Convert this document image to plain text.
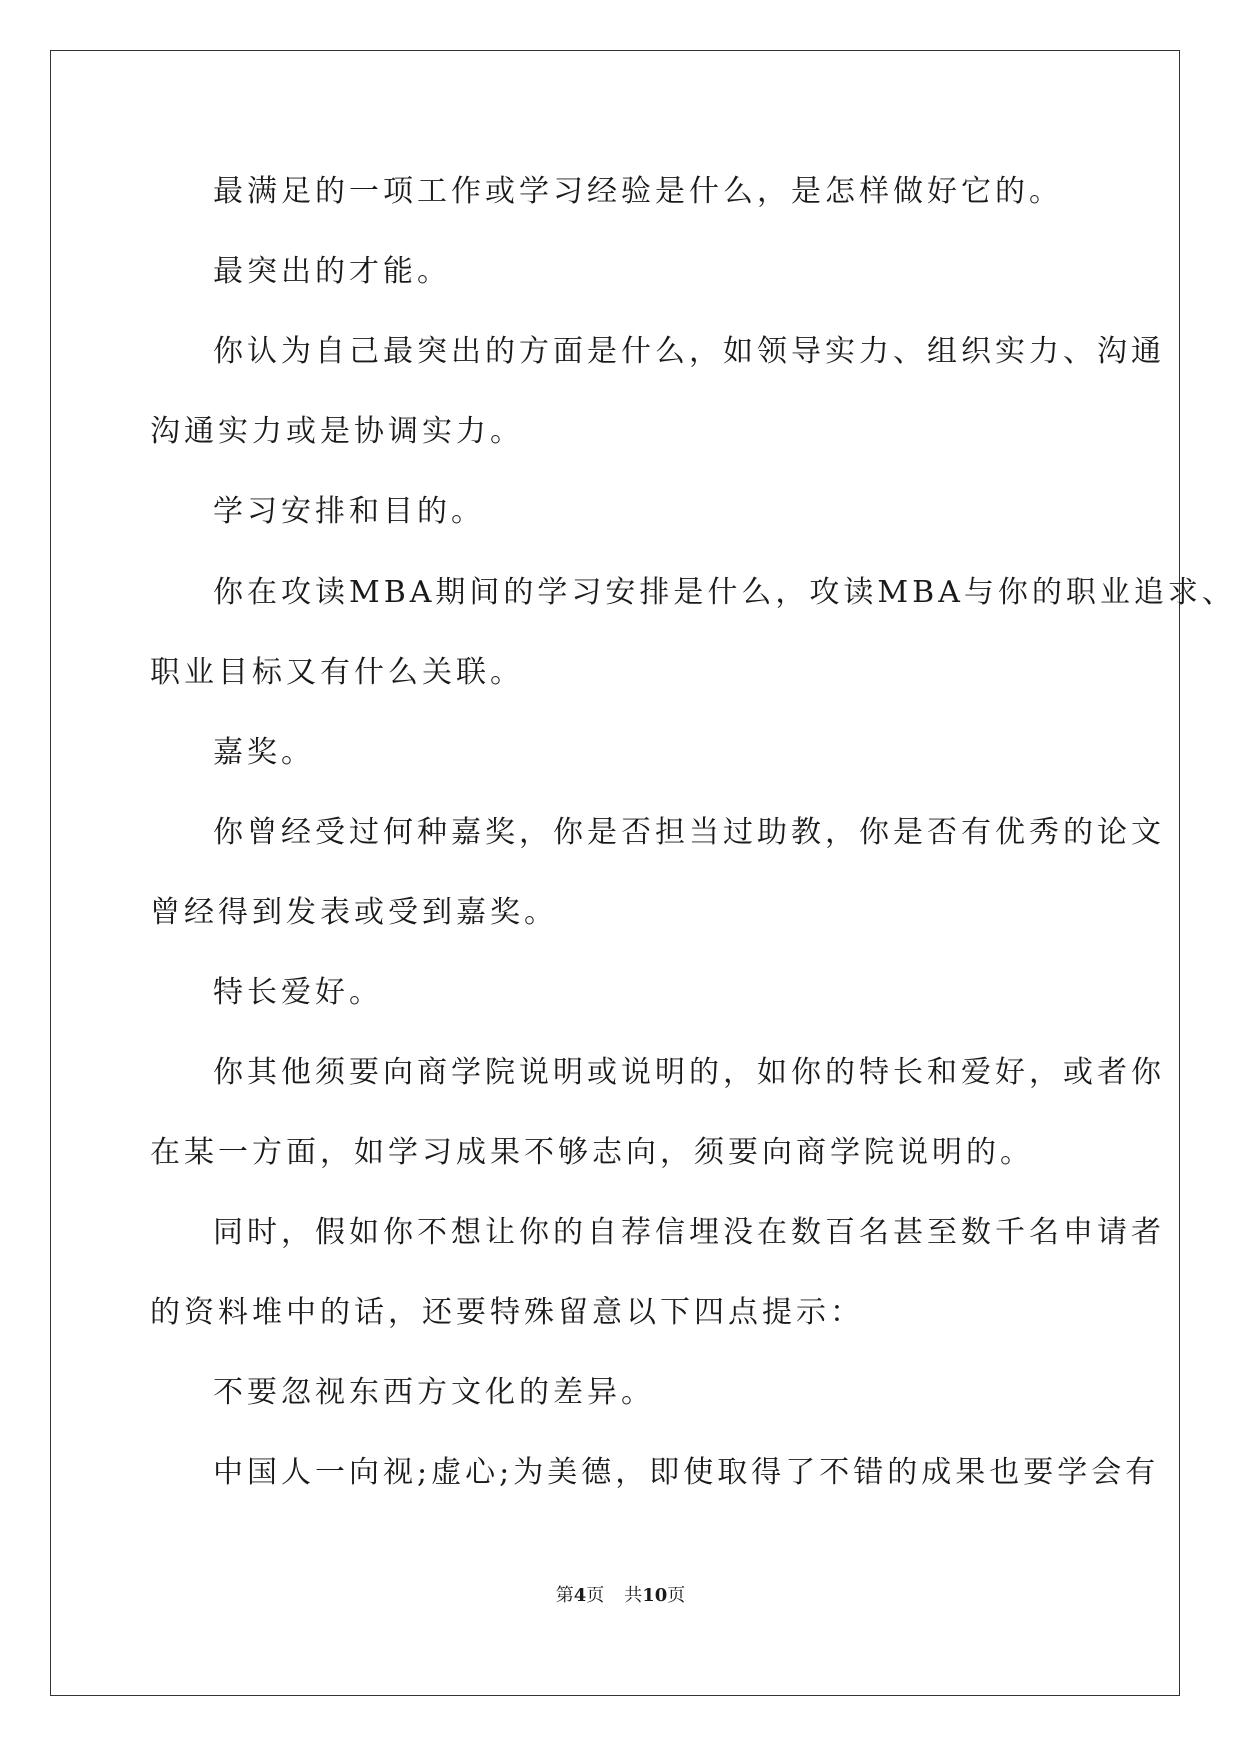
最满足的一项工作或学习经验是什么，是怎样做好它的。
最突出的才能。
你认为自己最突出的方面是什么，如领导实力、组织实力、沟通
沟通实力或是协调实力。
学习安排和目的。
你在攻读MBA期间的学习安排是什么，攻读MBA与你的职业追求、
职业目标又有什么关联。
嘉奖。
你曾经受过何种嘉奖，你是否担当过助教，你是否有优秀的论文
曾经得到发表或受到嘉奖。
特长爱好。
你其他须要向商学院说明或说明的，如你的特长和爱好，或者你
在某一方面，如学习成果不够志向，须要向商学院说明的。
同时，假如你不想让你的自荐信埋没在数百名甚至数千名申请者
的资料堆中的话，还要特殊留意以下四点提示：
不要忽视东西方文化的差异。
中国人一向视;虚心;为美德，即使取得了不错的成果也要学会有
第4页 共10页
